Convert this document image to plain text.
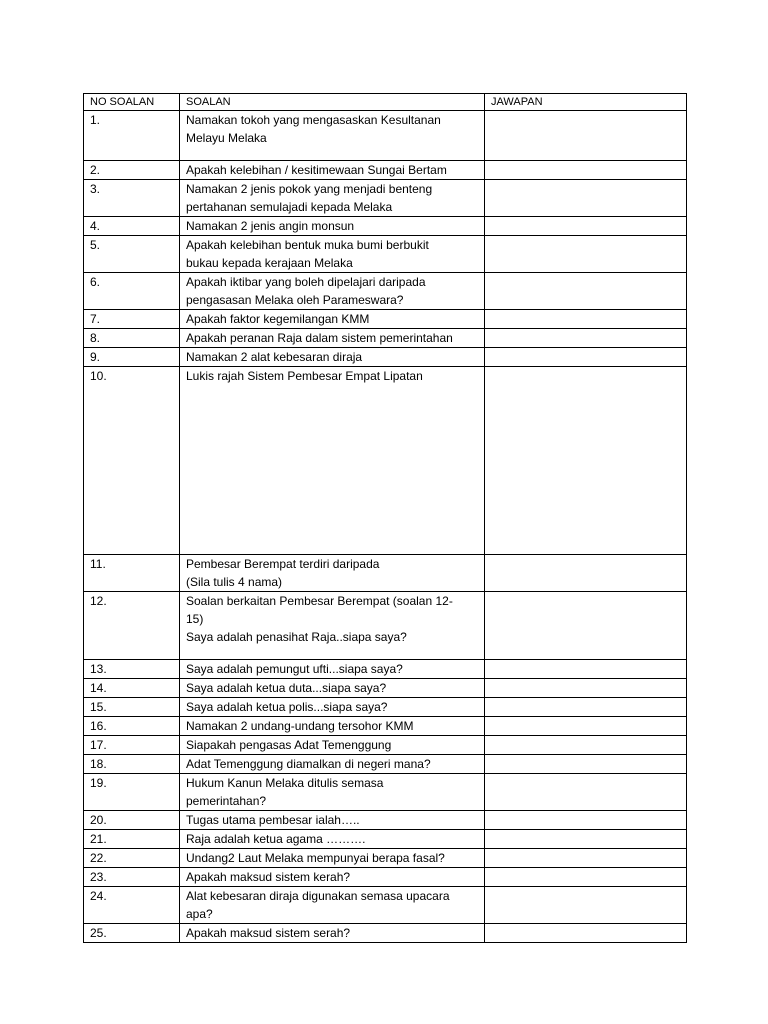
NO SOALAN	SOALAN	JAWAPAN
1.	Namakan tokoh yang mengasaskan Kesultanan
Melayu Melaka	
2.	Apakah kelebihan / kesitimewaan Sungai Bertam	
3.	Namakan 2 jenis pokok yang menjadi benteng
pertahanan semulajadi kepada Melaka	
4.	Namakan 2 jenis angin monsun	
5.	Apakah kelebihan bentuk muka bumi berbukit
bukau kepada kerajaan Melaka	
6.	Apakah iktibar yang boleh dipelajari daripada
pengasasan Melaka oleh Parameswara?	
7.	Apakah faktor kegemilangan KMM	
8.	Apakah peranan Raja dalam sistem pemerintahan	
9.	Namakan 2 alat kebesaran diraja	
10.	Lukis rajah Sistem Pembesar Empat Lipatan	
11.	Pembesar Berempat terdiri daripada
(Sila tulis 4 nama)	
12.	Soalan berkaitan Pembesar Berempat (soalan 12-
15)
Saya adalah penasihat Raja..siapa saya?	
13.	Saya adalah pemungut ufti...siapa saya?	
14.	Saya adalah ketua duta...siapa saya?	
15.	Saya adalah ketua polis...siapa saya?	
16.	Namakan 2 undang-undang tersohor KMM	
17.	Siapakah pengasas Adat Temenggung	
18.	Adat Temenggung diamalkan di negeri mana?	
19.	Hukum Kanun Melaka ditulis semasa
pemerintahan?	
20.	Tugas utama pembesar ialah…..	
21.	Raja adalah ketua agama ……….	
22.	Undang2 Laut Melaka mempunyai berapa fasal?	
23.	Apakah maksud sistem kerah?	
24.	Alat kebesaran diraja digunakan semasa upacara
apa?	
25.	Apakah maksud sistem serah?	
